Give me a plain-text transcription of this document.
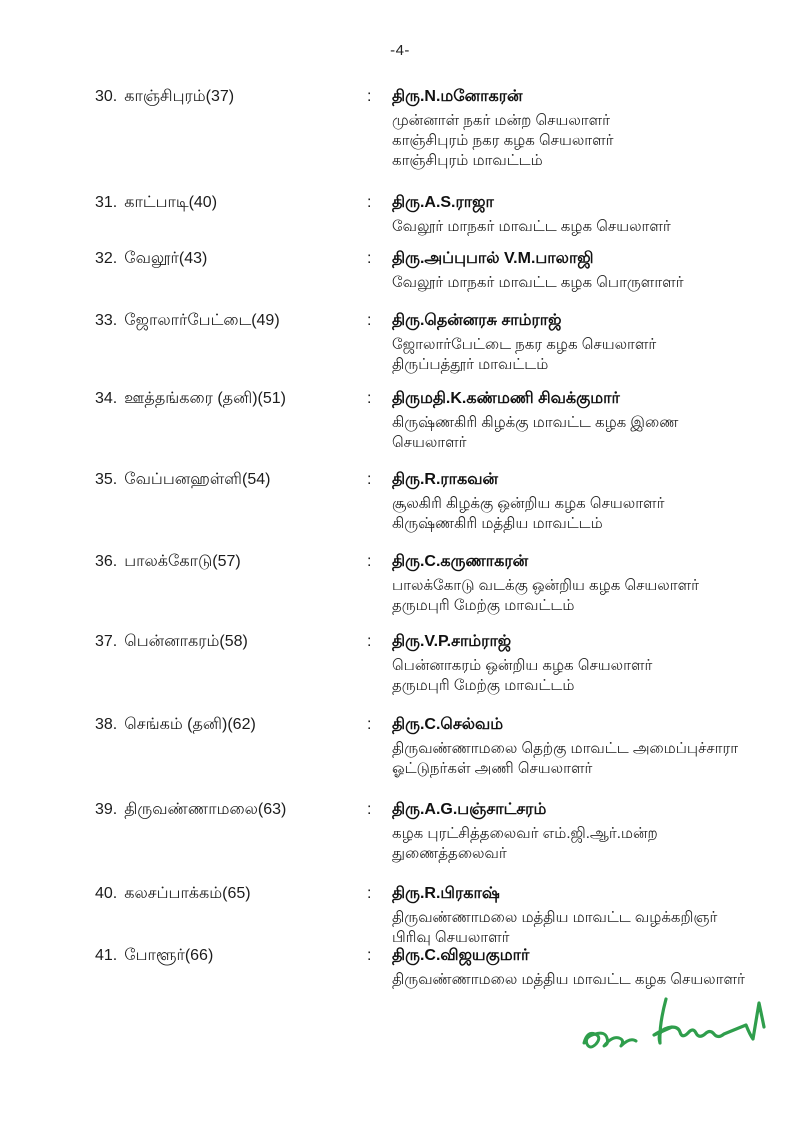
-4-
30. காஞ்சிபுரம்(37)	:	திரு.N.மனோகரன்
முன்னாள் நகர் மன்ற செயலாளர்
காஞ்சிபுரம் நகர கழக செயலாளர்
காஞ்சிபுரம் மாவட்டம்
31. காட்பாடி(40)	:	திரு.A.S.ராஜா
வேலூர் மாநகர் மாவட்ட கழக செயலாளர்
32. வேலூர்(43)	:	திரு.அப்புபால் V.M.பாலாஜி
வேலூர் மாநகர் மாவட்ட கழக பொருளாளர்
33. ஜோலார்பேட்டை(49)	:	திரு.தென்னரசு சாம்ராஜ்
ஜோலார்பேட்டை நகர கழக செயலாளர்
திருப்பத்தூர் மாவட்டம்
34. ஊத்தங்கரை (தனி)(51)	:	திருமதி.K.கண்மணி சிவக்குமார்
கிருஷ்ணகிரி கிழக்கு மாவட்ட கழக இணை
செயலாளர்
35. வேப்பனஹள்ளி(54)	:	திரு.R.ராகவன்
சூலகிரி கிழக்கு ஒன்றிய கழக செயலாளர்
கிருஷ்ணகிரி மத்திய மாவட்டம்
36. பாலக்கோடு(57)	:	திரு.C.கருணாகரன்
பாலக்கோடு வடக்கு ஒன்றிய கழக செயலாளர்
தருமபுரி மேற்கு மாவட்டம்
37. பென்னாகரம்(58)	:	திரு.V.P.சாம்ராஜ்
பென்னாகரம் ஒன்றிய கழக செயலாளர்
தருமபுரி மேற்கு மாவட்டம்
38. செங்கம் (தனி)(62)	:	திரு.C.செல்வம்
திருவண்ணாமலை தெற்கு மாவட்ட அமைப்புச்சாரா
ஓட்டுநர்கள் அணி செயலாளர்
39. திருவண்ணாமலை(63)	:	திரு.A.G.பஞ்சாட்சரம்
கழக புரட்சித்தலைவர் எம்.ஜி.ஆர்.மன்ற
துணைத்தலைவர்
40. கலசப்பாக்கம்(65)	:	திரு.R.பிரகாஷ்
திருவண்ணாமலை மத்திய மாவட்ட வழக்கறிஞர்
பிரிவு செயலாளர்
41. போளூர்(66)	:	திரு.C.விஜயகுமார்
திருவண்ணாமலை மத்திய மாவட்ட கழக செயலாளர்
